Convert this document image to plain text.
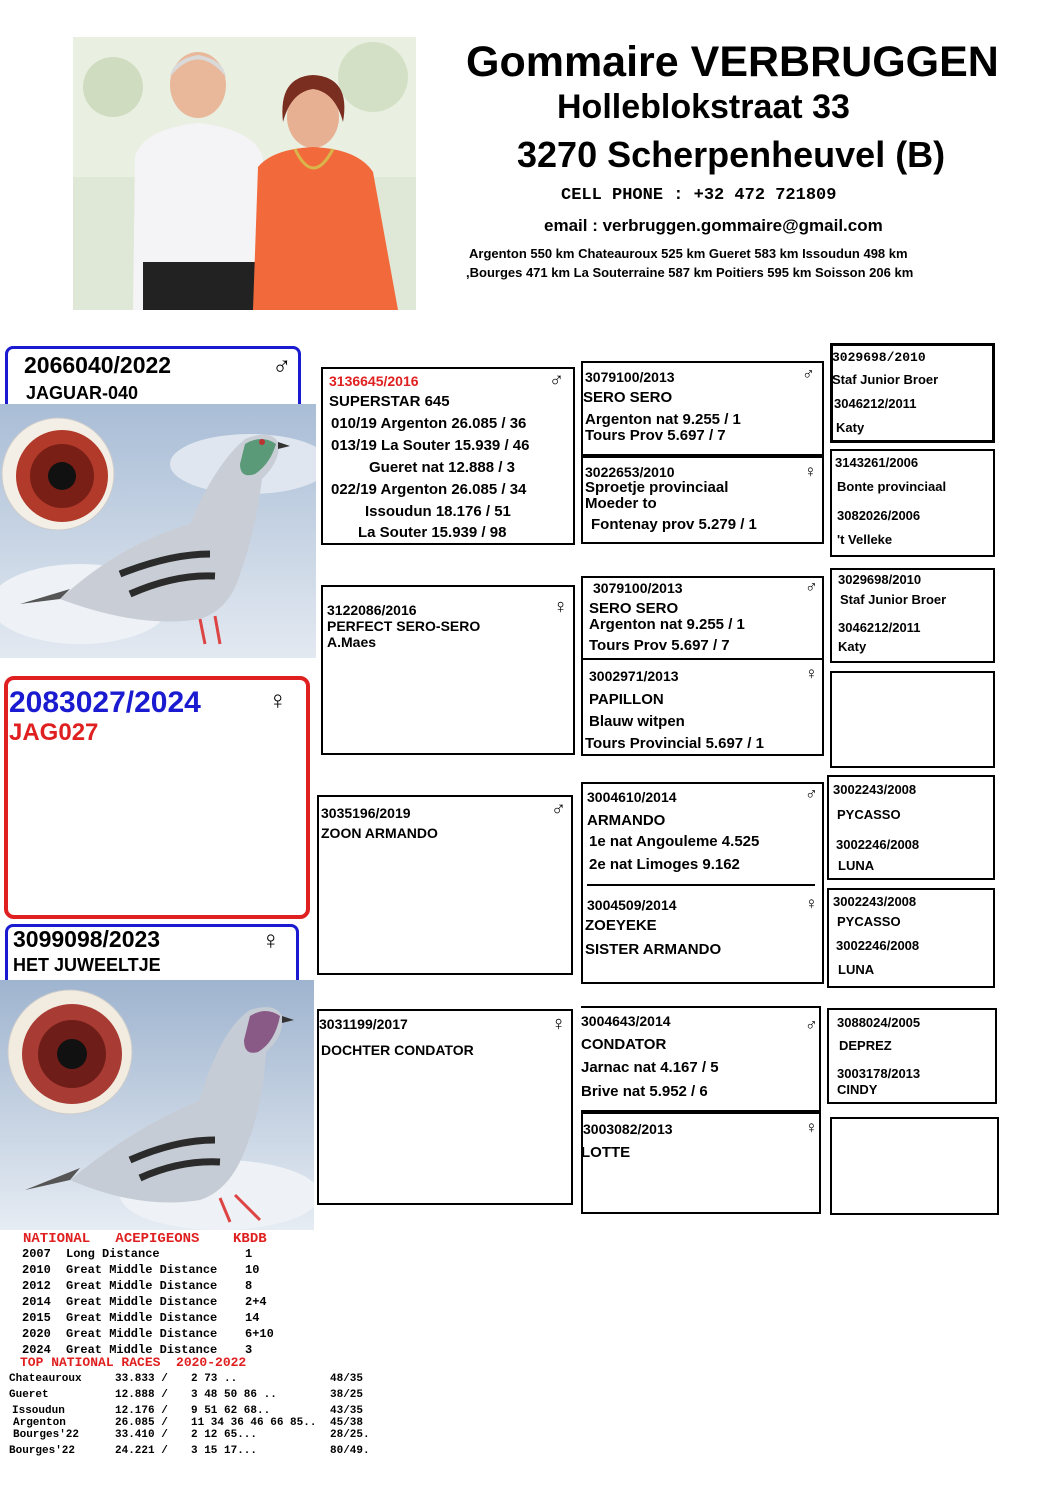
Gommaire VERBRUGGEN
Holleblokstraat 33
3270 Scherpenheuvel (B)
CELL PHONE : +32 472 721809
email : verbruggen.gommaire@gmail.com
Argenton 550 km Chateauroux 525 km Gueret 583 km Issoudun 498 km
,Bourges 471 km La Souterraine 587 km Poitiers 595 km Soisson 206 km
2066040/2022
JAGUAR-040
♂
2083027/2024
JAG027
♀
3099098/2023
HET JUWEELTJE
♀
3136645/2016	♂
SUPERSTAR 645
010/19 Argenton 26.085 / 36
013/19 La Souter 15.939 / 46
Gueret nat 12.888 / 3
022/19 Argenton 26.085 / 34
Issoudun 18.176 / 51
La Souter 15.939 / 98
3122086/2016	♀
PERFECT SERO-SERO
A.Maes
3035196/2019	♂
ZOON ARMANDO
3031199/2017	♀
DOCHTER CONDATOR
3079100/2013	♂
SERO SERO
Argenton nat 9.255 / 1
Tours Prov 5.697 / 7
3022653/2010	♀
Sproetje provinciaal
Moeder to
Fontenay prov 5.279 / 1
3079100/2013	♂
SERO SERO
Argenton nat 9.255 / 1
Tours Prov 5.697 / 7
3002971/2013	♀
PAPILLON
Blauw witpen
Tours Provincial 5.697 / 1
3004610/2014	♂
ARMANDO
1e nat Angouleme 4.525
2e nat Limoges 9.162
3004509/2014	♀
ZOEYEKE
SISTER ARMANDO
3004643/2014	♂
CONDATOR
Jarnac nat 4.167 / 5
Brive nat 5.952 / 6
3003082/2013	♀
LOTTE
3029698/2010
Staf Junior Broer
3046212/2011
Katy
3143261/2006
Bonte provinciaal
3082026/2006
't Velleke
3029698/2010
Staf Junior Broer
3046212/2011
Katy
3002243/2008
PYCASSO
3002246/2008
LUNA
3002243/2008
PYCASSO
3002246/2008
LUNA
3088024/2005
DEPREZ
3003178/2013
CINDY
NATIONAL   ACEPIGEONS    KBDB
2007 Long Distance	1
2010 Great Middle Distance 10
2012 Great Middle Distance 8
2014 Great Middle Distance 2+4
2015 Great Middle Distance 14
2020 Great Middle Distance 6+10
2024 Great Middle Distance 3
TOP NATIONAL RACES  2020-2022
Chateauroux	33.833 / 2 73 ..	48/35
Gueret	12.888 / 3 48 50 86 ..	38/25
Issoudun	12.176 / 9 51 62 68..	43/35
Argenton	26.085 / 11 34 36 46 66 85.. 45/38
Bourges'22	33.410 / 2 12 65...	28/25.
Bourges'22	24.221 / 3 15 17...	80/49.
